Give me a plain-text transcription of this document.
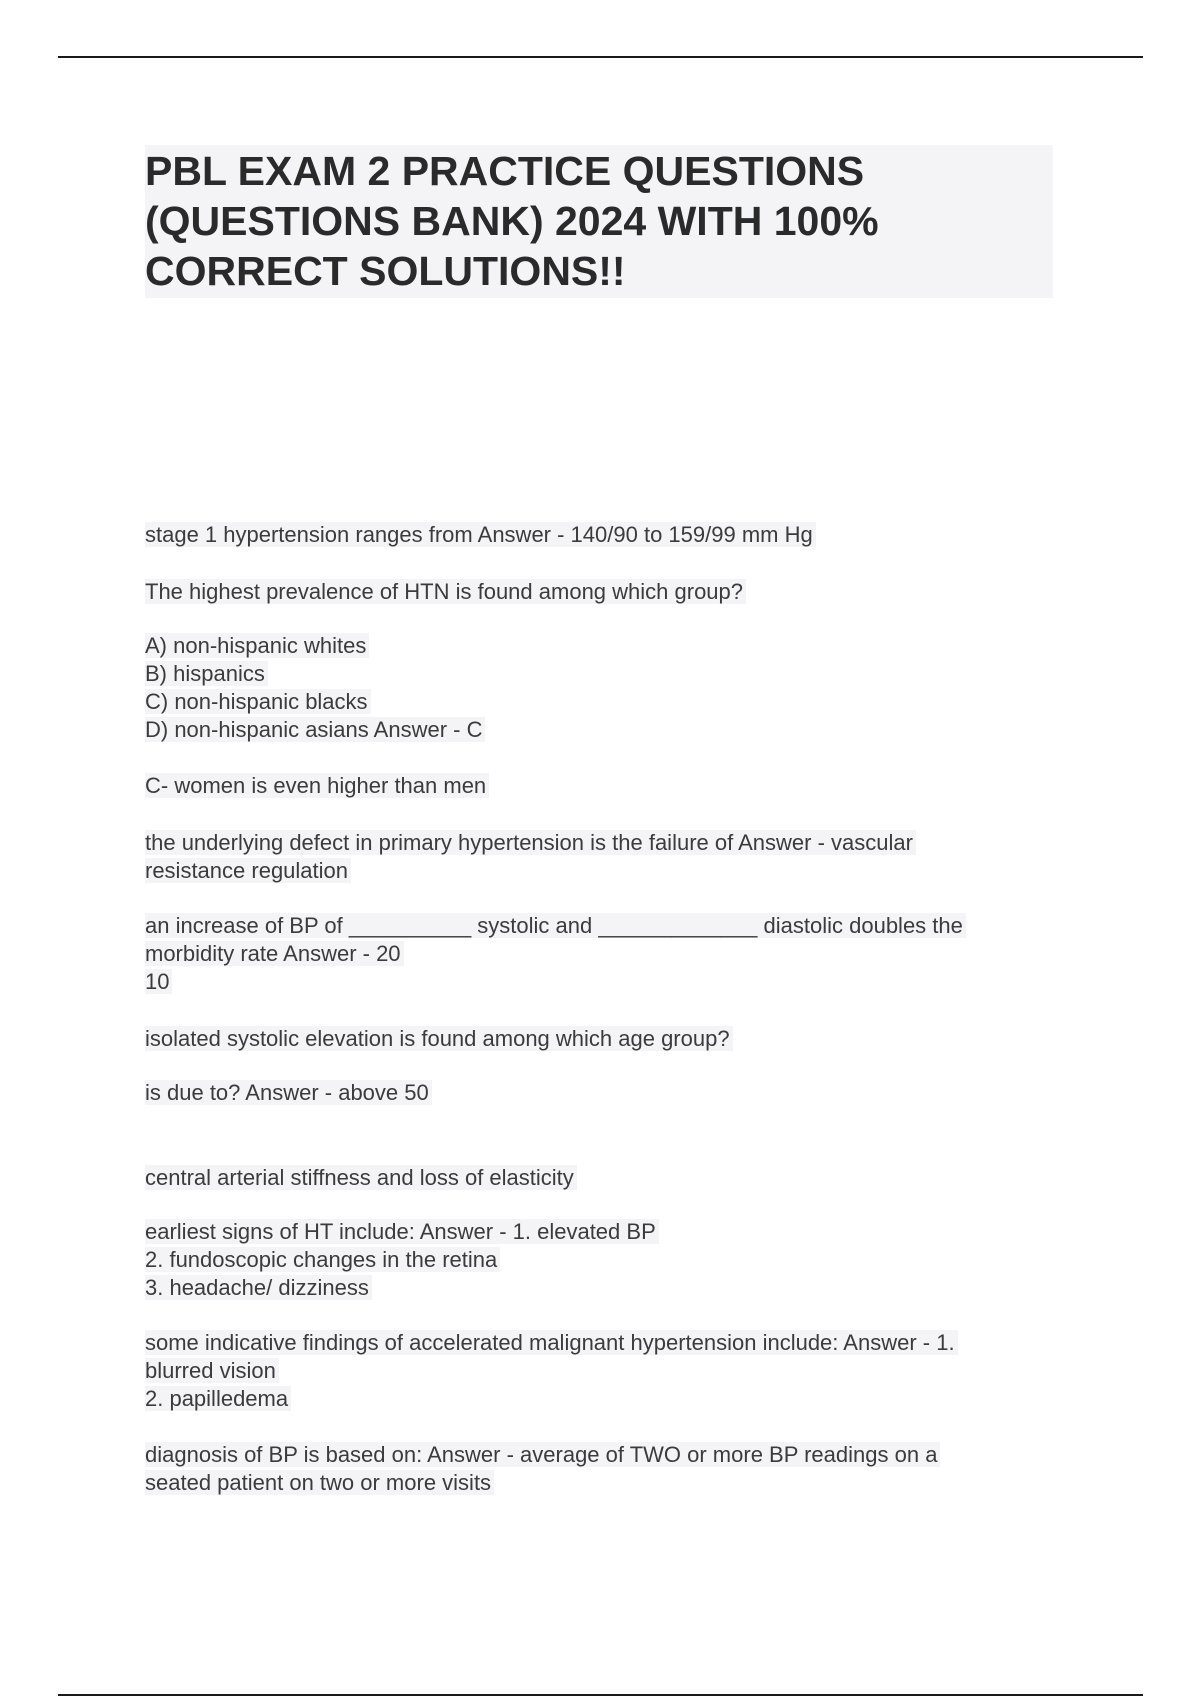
PBL EXAM 2 PRACTICE QUESTIONS
(QUESTIONS BANK) 2024 WITH 100%
CORRECT SOLUTIONS!!
stage 1 hypertension ranges from Answer - 140/90 to 159/99 mm Hg
The highest prevalence of HTN is found among which group?
A) non-hispanic whites
B) hispanics
C) non-hispanic blacks
D) non-hispanic asians Answer - C
C- women is even higher than men
the underlying defect in primary hypertension is the failure of Answer - vascular
resistance regulation
an increase of BP of __________ systolic and _____________ diastolic doubles the
morbidity rate Answer - 20
10
isolated systolic elevation is found among which age group?
is due to? Answer - above 50
central arterial stiffness and loss of elasticity
earliest signs of HT include: Answer - 1. elevated BP
2. fundoscopic changes in the retina
3. headache/ dizziness
some indicative findings of accelerated malignant hypertension include: Answer - 1.
blurred vision
2. papilledema
diagnosis of BP is based on: Answer - average of TWO or more BP readings on a
seated patient on two or more visits
